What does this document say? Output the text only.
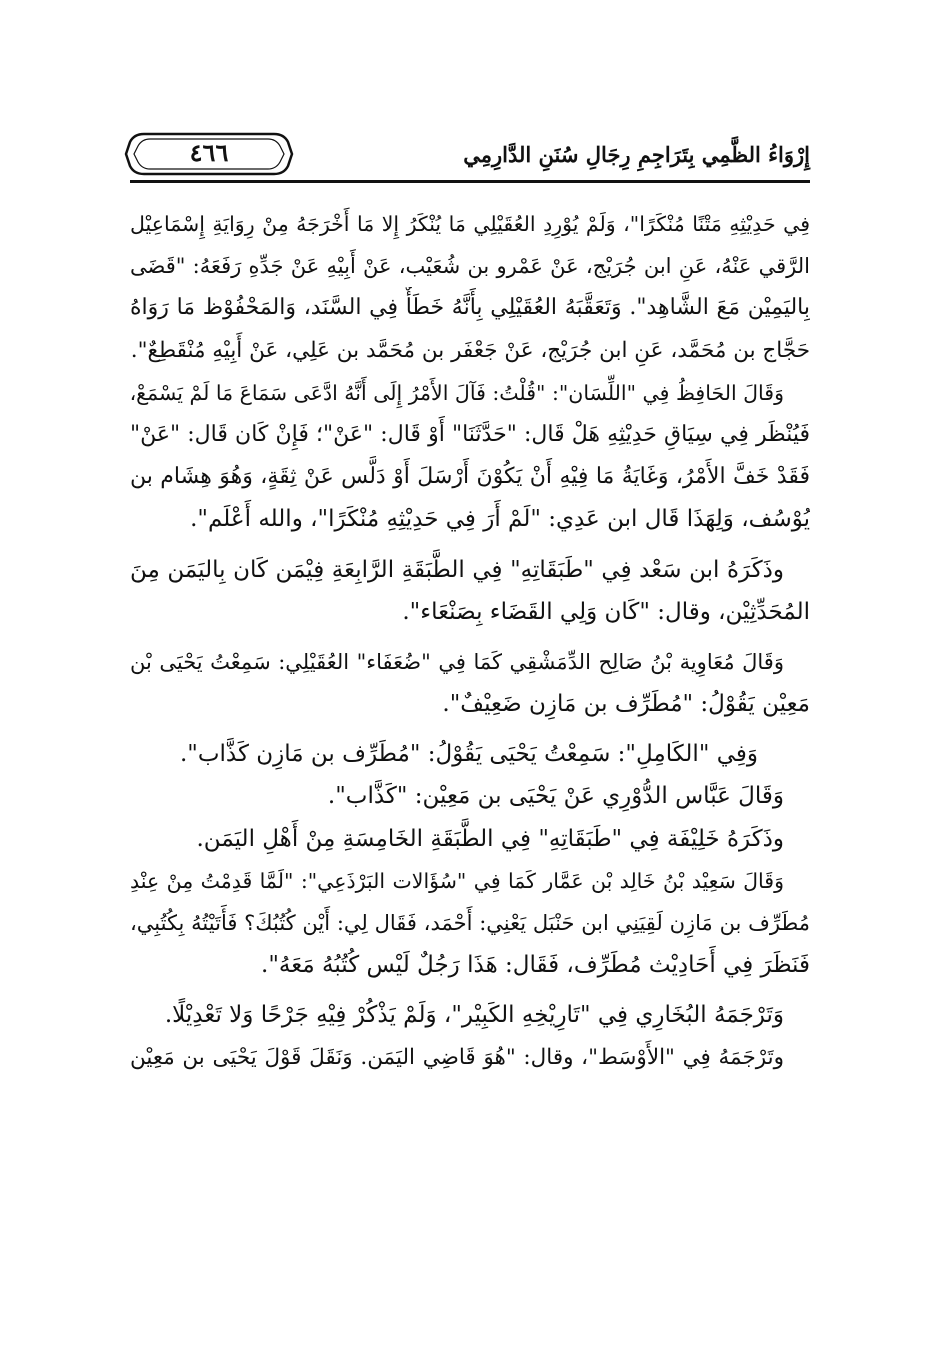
إِرْوَاءُ الظَّمِي بِتَرَاجِمِ رِجَالِ سُنَنِ الدَّارِمِي
٤٦٦
فِي حَدِيْثِهِ مَتْنًا مُنْكَرًا"، وَلَمْ يُوْرِدِ العُقَيْلِي مَا يُنْكَرُ إِلا مَا أَخْرَجَهُ مِنْ رِوَايَةِ إِسْمَاعِيْل
الرَّقي عَنْهُ، عَنِ ابن جُرَيْج، عَنْ عَمْرو بن شُعَيْب، عَنْ أَبِيْهِ عَنْ جَدِّهِ رَفَعَهُ: "قَضَى
بِاليَمِيْن مَعَ الشَّاهِد". وَتَعَقَّبَهُ العُقَيْلِي بِأَنَّهُ خَطَأٌ فِي السَّنَد، وَالمَحْفُوْظ مَا رَوَاهُ
حَجَّاج بن مُحَمَّد، عَنِ ابن جُرَيْج، عَنْ جَعْفَر بن مُحَمَّد بن عَلِي، عَنْ أَبِيْهِ مُنْقَطِعٌ".
وَقَالَ الحَافِظُ فِي "اللِّسَان": "قُلْتُ: فَآلَ الأَمْرُ إِلَى أَنَّهُ ادَّعَى سَمَاعَ مَا لَمْ يَسْمَعْ،
فَيُنْظَر فِي سِيَاقِ حَدِيْثِهِ هَلْ قَال: "حَدَّثَنَا" أَوْ قَال: "عَنْ"؛ فَإِنْ كَان قَال: "عَنْ"
فَقَدْ خَفَّ الأَمْرُ، وَغَايَةُ مَا فِيْهِ أَنْ يَكُوْنَ أَرْسَلَ أَوْ دَلَّس عَنْ ثِقَةٍ، وَهُوَ هِشَام بن
يُوْسُف، وَلِهَذَا قَال ابن عَدِي: "لَمْ أَرَ فِي حَدِيْثِهِ مُنْكَرًا"، والله أَعْلَم".
وذَكَرَهُ ابن سَعْد فِي "طَبَقَاتِهِ" فِي الطَّبَقَةِ الرَّابِعَةِ فِيْمَن كَان بِاليَمَن مِنَ
المُحَدِّثِيْن، وقال: "كَان وَلِي القَضَاء بِصَنْعَاء".
وَقَالَ مُعَاوِية بْنُ صَالِح الدِّمَشْقِي كَمَا فِي "ضُعَفَاء" العُقَيْلِي: سَمِعْتُ يَحْيَى بْن
مَعِيْن يَقُوْلُ: "مُطَرِّف بن مَازِن ضَعِيْفٌ".
وَفِي "الكَامِلِ": سَمِعْتُ يَحْيَى يَقُوْلُ: "مُطَرِّف بن مَازِن كَذَّاب".
وَقَالَ عَبَّاس الدُّوْرِي عَنْ يَحْيَى بن مَعِيْن: "كَذَّاب".
وذَكَرَهُ خَلِيْفَة فِي "طَبَقَاتِهِ" فِي الطَّبَقَةِ الخَامِسَةِ مِنْ أَهْلِ اليَمَن.
وَقَالَ سَعِيْد بْنُ خَالِد بْن عَمَّار كَمَا فِي "سُؤَالات البَرْذَعِي": "لَمَّا قَدِمْتُ مِنْ عِنْدِ
مُطَرِّف بن مَازِن لَقِيَنِي ابن حَنْبَل يَعْنِي: أَحْمَد، فَقَال لِي: أَيْن كُتُبُكَ؟ فَأَتَيْتُهُ بِكُتُبِي،
فَنَظَرَ فِي أَحَادِيْث مُطَرِّف، فَقَال: هَذَا رَجُلٌ لَيْس كُتُبُهُ مَعَهُ".
وَتَرْجَمَهُ البُخَارِي فِي "تَارِيْخِهِ الكَبِيْر"، وَلَمْ يَذْكُرْ فِيْهِ جَرْحًا وَلا تَعْدِيْلًا.
وتَرْجَمَهُ فِي "الأَوْسَط"، وقال: "هُوَ قَاضِي اليَمَن. وَنَقَلَ قَوْلَ يَحْيَى بن مَعِيْن
